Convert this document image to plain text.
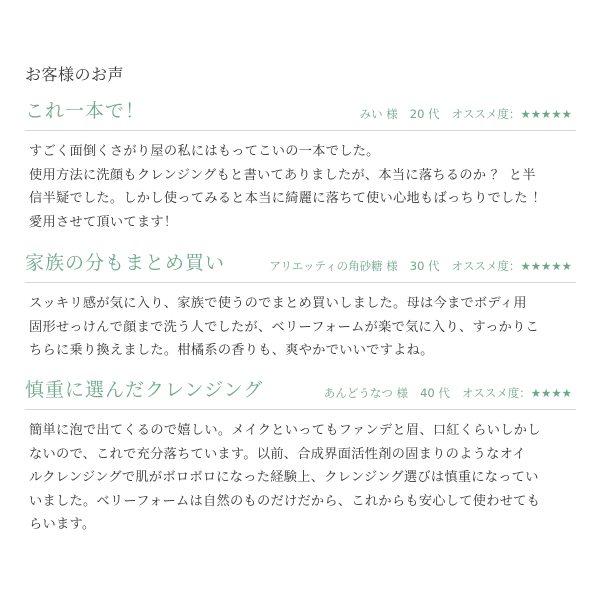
お客様のお声
これ一本で！	みい 様 20 代 オススメ度：★★★★★

すごく面倒くさがり屋の私にはもってこいの一本でした。

使用方法に洗顔もクレンジングもと書いてありましたが、本当に落ちるのか ？ と半

信半疑でした。しかし使ってみると本当に綺麗に落ちて使い心地もばっちりでした ！

愛用させて頂いてます！

家族の分もまとめ買い	アリエッティの角砂糖 様 30 代 オススメ度：★★★★★

スッキリ感が気に入り、家族で使うのでまとめ買いしました。母は今までボディ用

固形せっけんで顔まで洗う人でしたが、ベリーフォームが楽で気に入り、すっかりこ

ちらに乗り換えました。柑橘系の香りも、爽やかでいいですよね。

慎重に選んだクレンジング	あんどうなつ 様 40 代 オススメ度：★★★★

簡単に泡で出てくるので嬉しい。メイクといってもファンデと眉、口紅くらいしかし

ないので、これで充分落ちています。以前、合成界面活性剤の固まりのようなオイ

ルクレンジングで肌がボロボロになった経験上、クレンジング選びは慎重になってい

いました。ベリーフォームは自然のものだけだから、これからも安心して使わせても

らいます。
